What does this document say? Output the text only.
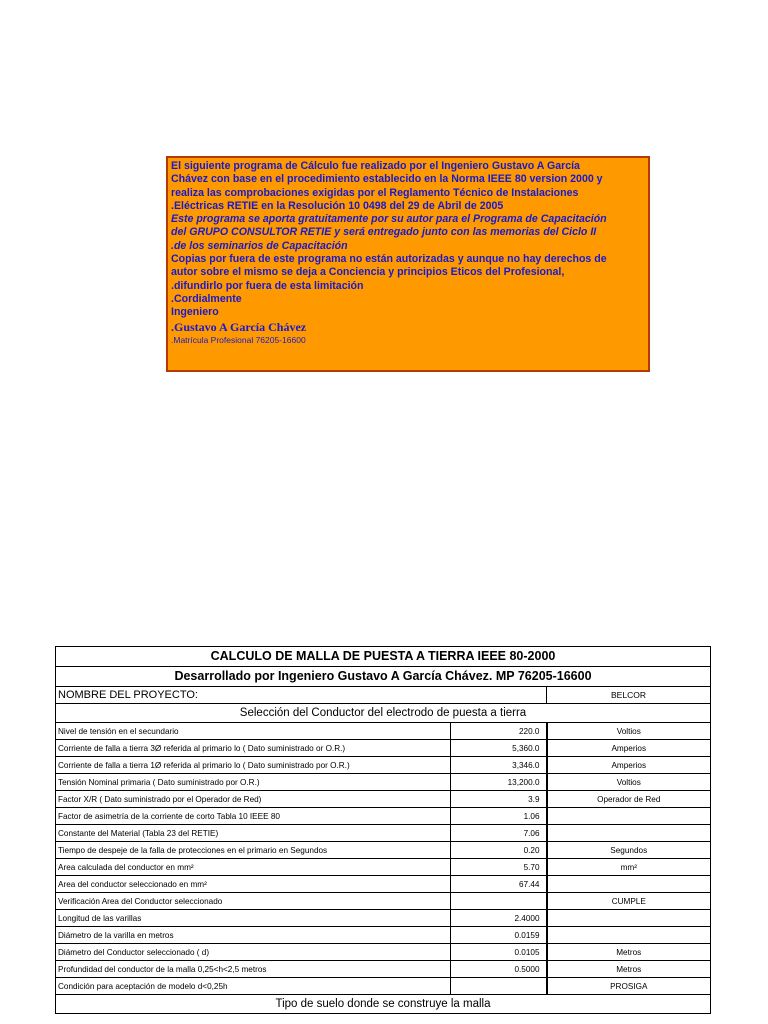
El siguiente programa de Cálculo fue realizado por el Ingeniero Gustavo A García
Chávez con base en el procedimiento establecido en la Norma IEEE 80 version 2000 y
realiza las comprobaciones exigidas por el Reglamento Técnico de Instalaciones
.Eléctricas RETIE en la Resolución 10 0498 del 29 de Abril de 2005
Este programa se aporta gratuitamente por su autor para el Programa de Capacitación
del GRUPO CONSULTOR RETIE y será entregado junto con las memorias del Ciclo II
.de los seminarios de Capacitación
Copias por fuera de este programa no están autorizadas y aunque no hay derechos de
autor sobre el mismo se deja a Conciencia y principios Eticos del Profesional,
.difundirlo por fuera de esta limitación
.Cordialmente
Ingeniero
.Gustavo A García Chávez
.Matrícula Profesional 76205-16600
CALCULO DE MALLA DE PUESTA A TIERRA IEEE 80-2000		
Desarrollado por Ingeniero Gustavo A García Chávez. MP 76205-16600		
NOMBRE DEL PROYECTO:		BELCOR
Selección del Conductor del electrodo de puesta a tierra		
Nivel de tensión en el secundario	220.0	Voltios
Corriente de falla a tierra 3Ø referida al primario lo ( Dato suministrado or O.R.)	5,360.0	Amperios
Corriente de falla a tierra 1Ø referida al primario lo ( Dato suministrado por O.R.)	3,346.0	Amperios
Tensión Nominal primaria ( Dato suministrado por O.R.)	13,200.0	Voltios
Factor X/R ( Dato suministrado por el Operador de Red)	3.9	Operador de Red
Factor de asimetría de la corriente de corto Tabla 10 IEEE 80	1.06	
Constante del Material (Tabla 23 del RETIE)	7.06	
Tiempo de despeje de la falla de protecciones en el primario en Segundos	0.20	Segundos
Area calculada del conductor en mm²	5.70	mm²
Area del conductor seleccionado en mm²	67.44	
Verificación Area del Conductor seleccionado		CUMPLE
Longitud de las varillas	2.4000	
Diámetro de la varilla en metros	0.0159	
Diámetro del Conductor seleccionado ( d)	0.0105	Metros
Profundidad del conductor de la malla 0,25<h<2,5 metros	0.5000	Metros
Condición para aceptación de modelo d<0,25h		PROSIGA
Tipo de suelo donde se construye la malla		
